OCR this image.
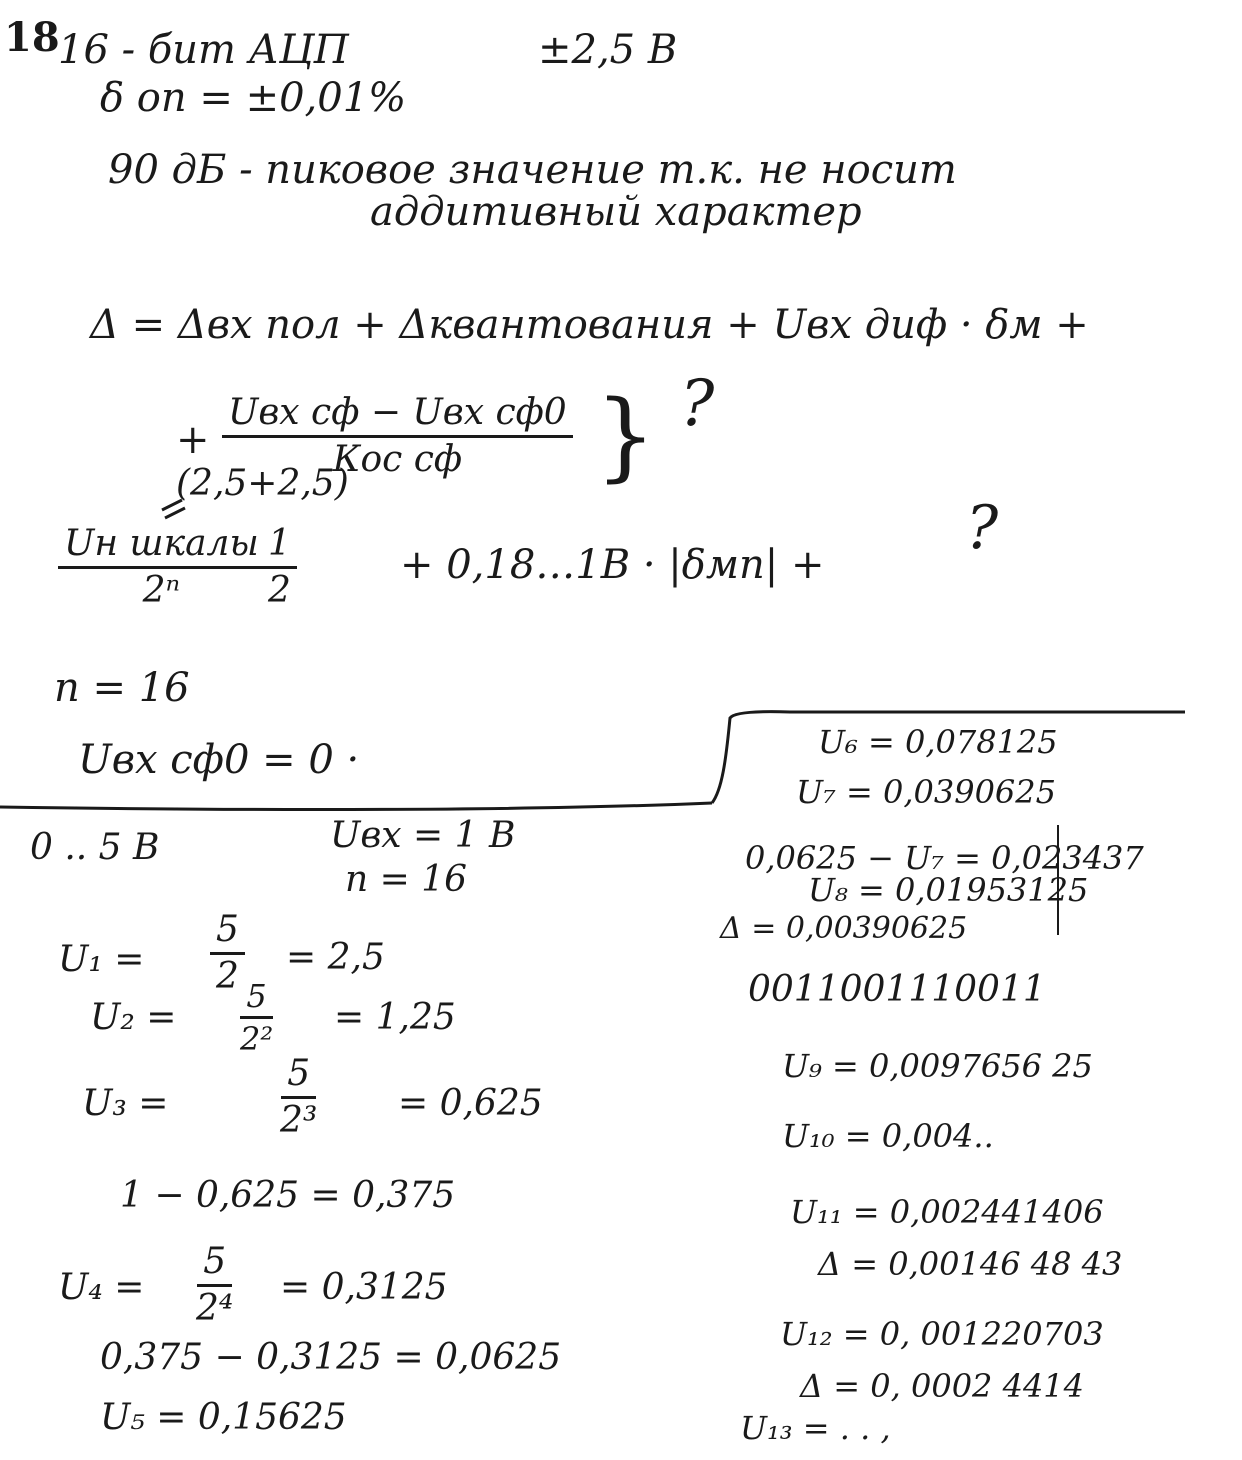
18
16 - бит АЦП	±2,5 B
δ оп = ±0,01%
90 дБ - пиковое значение т.к. не носит
аддитивный характер
Δ = Δвх пол + Δквантования + Uвх диф · δм +
+
Uвх сф − Uвх сф0
Кос сф } ?
(2,5+2,5)
Uн шкалы
$2^n \frac{1}{2}$	+ 0,18…1B · |δмп| +
?
n = 16
Uвх сф0 = 0 ·
0 .. 5 B	Uвх = 1 B
n = 16
$U_1 = \frac{5}{2} = 2,5$
$U_2 = \frac{5}{\text{2²}} = 1,25$
U₃ =	$\frac{5}{\text{2³}} = 0,625$
1 − 0,625 = 0,375
$U_4 = \frac{5}{\text{2⁴}} = 0,3125$
0,375 − 0,3125 = 0,0625
U₅ = 0,15625
U₆ = 0,078125
U₇ = 0,0390625
0,0625 − U₇ = 0,023437
U₈ = 0,01953125
Δ = 0,00390625
0011001110011
U₉ = 0,0097656 25
U₁₀ = 0,004..
U₁₁ = 0,002441406
Δ = 0,00146 48 43
U₁₂ = 0, 001220703
Δ = 0, 0002 4414
U₁₃ = . . ,
